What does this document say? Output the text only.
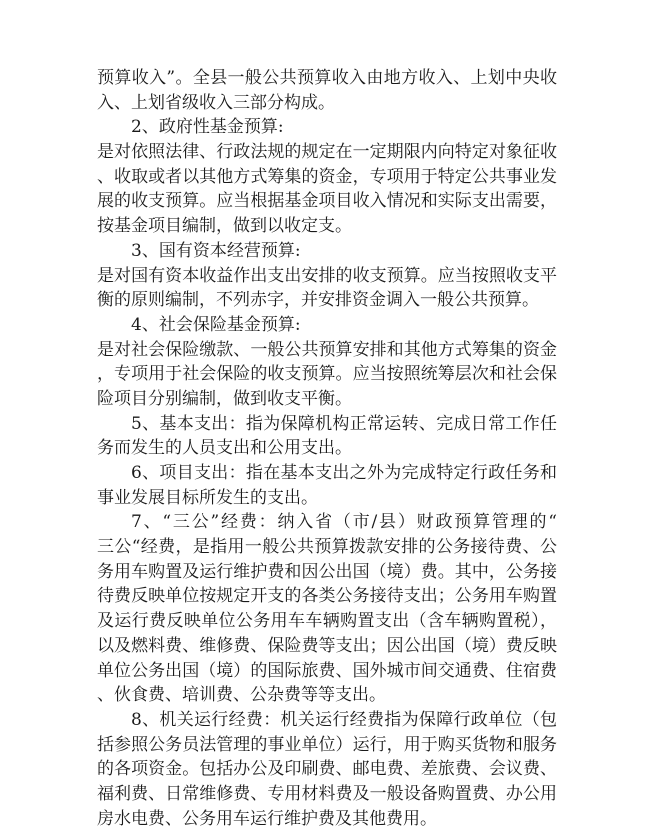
预算收入”。全县一般公共预算收入由地方收入、上划中央收
入、上划省级收入三部分构成。
2、政府性基金预算:
是对依照法律、行政法规的规定在一定期限内向特定对象征收
、收取或者以其他方式筹集的资金，专项用于特定公共事业发
展的收支预算。应当根据基金项目收入情况和实际支出需要，
按基金项目编制，做到以收定支。
3、国有资本经营预算:
是对国有资本收益作出支出安排的收支预算。应当按照收支平
衡的原则编制，不列赤字，并安排资金调入一般公共预算。
4、社会保险基金预算:
是对社会保险缴款、一般公共预算安排和其他方式筹集的资金
，专项用于社会保险的收支预算。应当按照统筹层次和社会保
险项目分别编制，做到收支平衡。
5、基本支出：指为保障机构正常运转、完成日常工作任
务而发生的人员支出和公用支出。
6、项目支出：指在基本支出之外为完成特定行政任务和
事业发展目标所发生的支出。
7、“三公”经费：纳入省（市/县）财政预算管理的“
三公“经费，是指用一般公共预算拨款安排的公务接待费、公
务用车购置及运行维护费和因公出国（境）费。其中，公务接
待费反映单位按规定开支的各类公务接待支出；公务用车购置
及运行费反映单位公务用车车辆购置支出（含车辆购置税），
以及燃料费、维修费、保险费等支出；因公出国（境）费反映
单位公务出国（境）的国际旅费、国外城市间交通费、住宿费
、伙食费、培训费、公杂费等等支出。
8、机关运行经费：机关运行经费指为保障行政单位（包
括参照公务员法管理的事业单位）运行，用于购买货物和服务
的各项资金。包括办公及印刷费、邮电费、差旅费、会议费、
福利费、日常维修费、专用材料费及一般设备购置费、办公用
房水电费、公务用车运行维护费及其他费用。
